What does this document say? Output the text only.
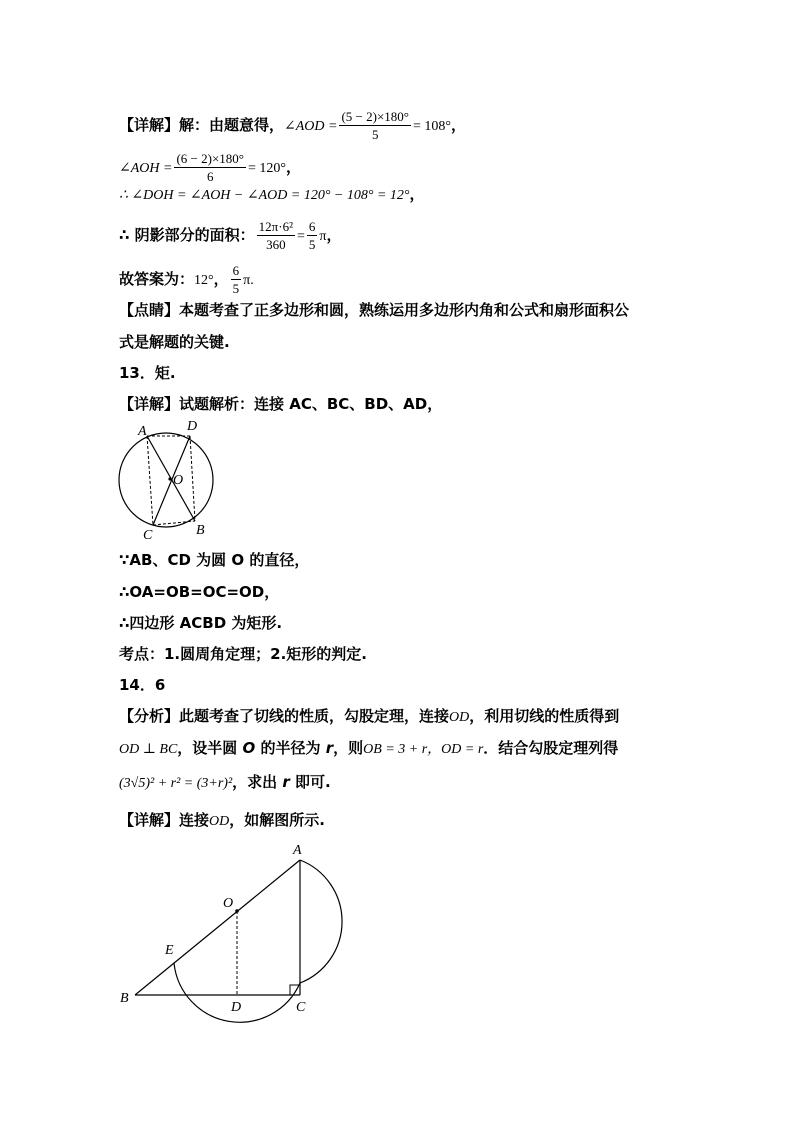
【详解】解：由题意得，∠AOD = $\frac{(5 - 2)\times 180^\circ}{5} = 108^\circ$，
∠AOH = $\frac{(6 - 2)\times 180^\circ}{6} = 120^\circ$，
∴ ∠DOH = ∠AOH − ∠AOD = 120° − 108° = 12°，
∴ 阴影部分的面积： $\frac{\text{12π·6²}}{360} = \frac{6}{5}$ π，
故答案为：12°， $\frac{6}{5} \pi$.
【点睛】本题考查了正多边形和圆，熟练运用多边形内角和公式和扇形面积公
式是解题的关键.
13．矩.
【详解】试题解析：连接 AC、BC、BD、AD，
A	D
O
C	B
∵AB、CD 为圆 O 的直径，
∴OA=OB=OC=OD，
∴四边形 ACBD 为矩形.
考点：1.圆周角定理；2.矩形的判定.
14．6
【分析】此题考查了切线的性质，勾股定理，连接OD，利用切线的性质得到
OD ⊥ BC，设半圆 O 的半径为 r，则OB = 3 + r，OD = r．结合勾股定理列得
(3√5)² + r² = (3+r)²，求出 r 即可.
【详解】连接OD，如解图所示.
A
O
E
B
D	C
